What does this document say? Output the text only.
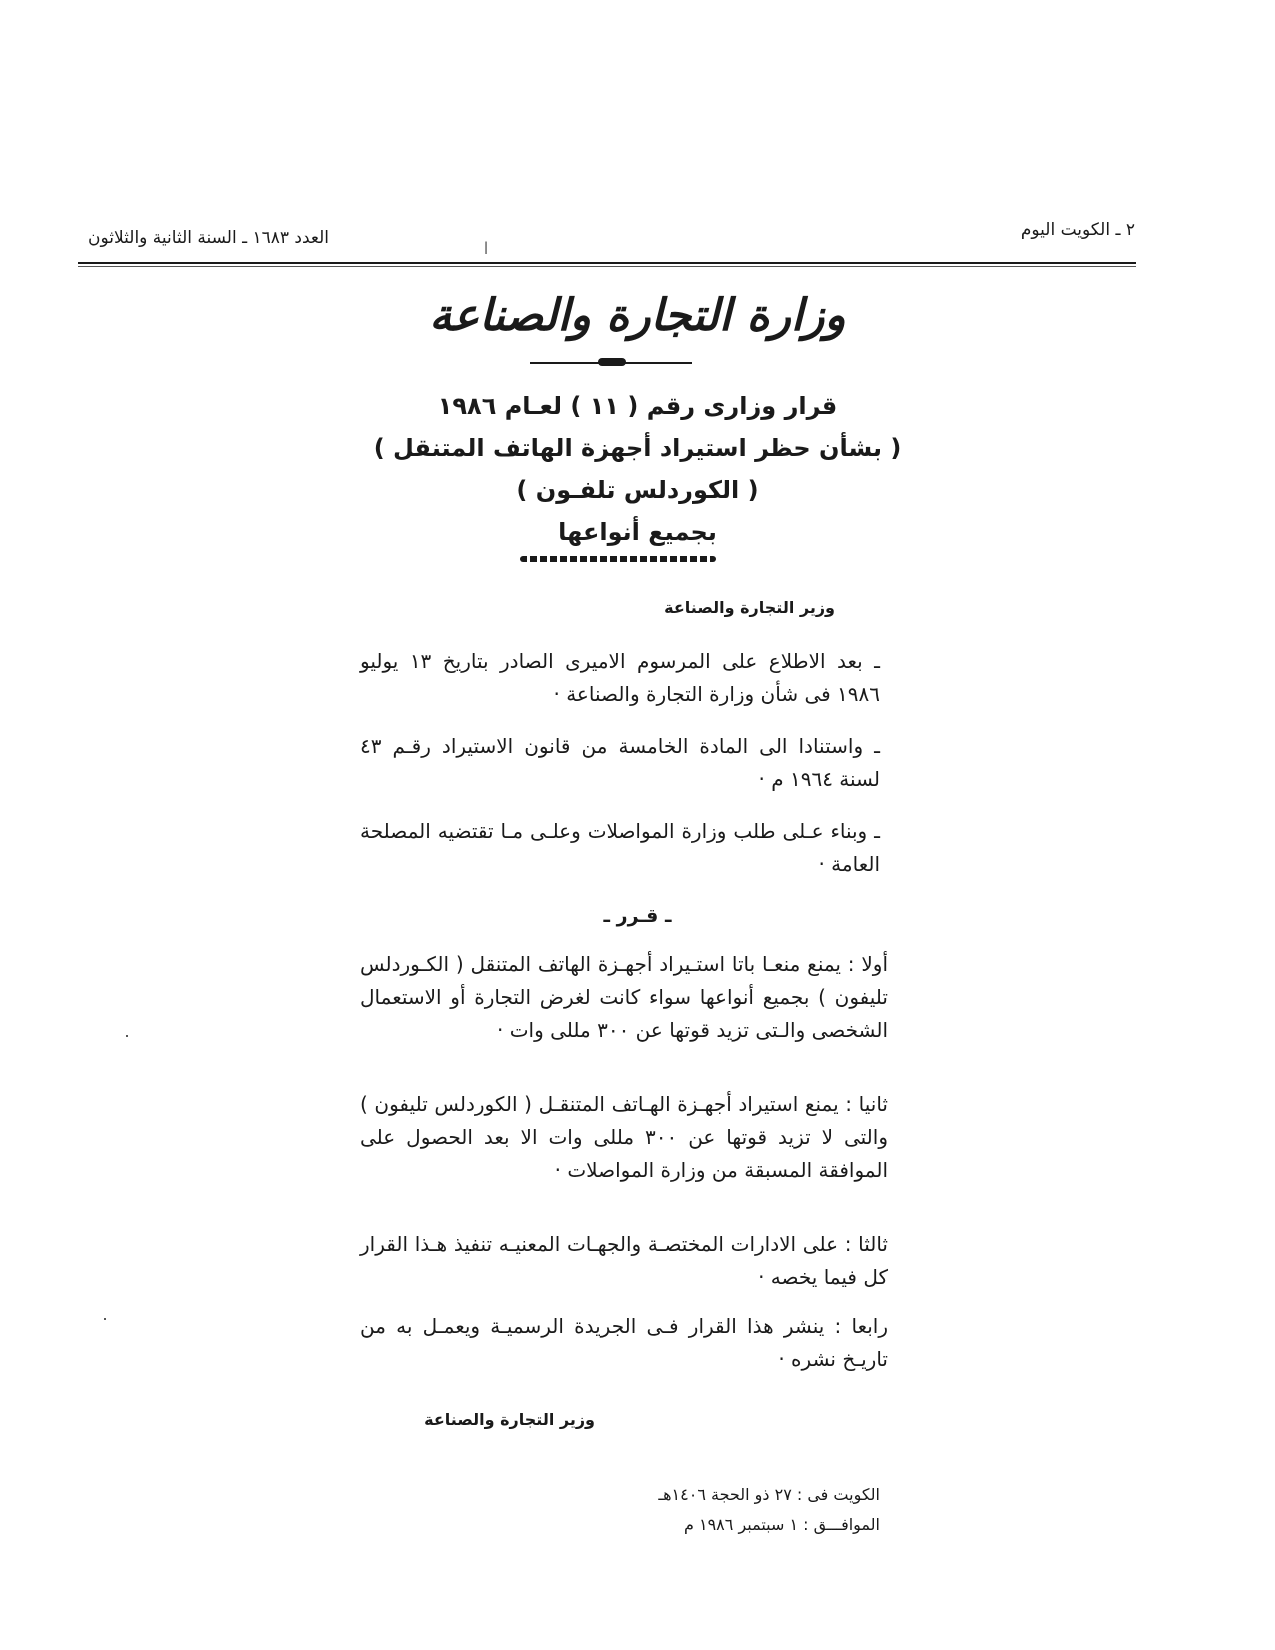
٢ ـ الكويت اليوم
العدد ١٦٨٣ ـ السنة الثانية والثلاثون	|
وزارة التجارة والصناعة
قرار وزارى رقم ( ١١ ) لعـام ١٩٨٦
( بشأن حظر استيراد أجهزة الهاتف المتنقل )
( الكوردلس تلفـون )
بجميع أنواعها
وزير التجارة والصناعة
ـ بعد الاطلاع على المرسوم الاميرى الصادر بتاريخ ١٣ يوليو ١٩٨٦ فى شأن وزارة التجارة والصناعة ·
ـ واستنادا الى المادة الخامسة من قانون الاستيراد رقـم ٤٣ لسنة ١٩٦٤ م ·
ـ وبناء عـلى طلب وزارة المواصلات وعلـى مـا تقتضيه المصلحة العامة ·
ـ قـرر ـ
أولا : يمنع منعـا باتا استـيراد أجهـزة الهاتف المتنقل ( الكـوردلس تليفون ) بجميع أنواعها سواء كانت لغرض التجارة أو الاستعمال الشخصى والـتى تزيد قوتها عن ٣٠٠ مللى وات ·
ثانيا : يمنع استيراد أجهـزة الهـاتف المتنقـل ( الكوردلس تليفون ) والتى لا تزيد قوتها عن ٣٠٠ مللى وات الا بعد الحصول على الموافقة المسبقة من وزارة المواصلات ·
ثالثا : على الادارات المختصـة والجهـات المعنيـه تنفيذ هـذا القرار كل فيما يخصه ·
رابعا : ينشر هذا القرار فـى الجريدة الرسميـة ويعمـل به من تاريـخ نشره ·
وزير التجارة والصناعة
الكويت فى : ٢٧ ذو الحجة ١٤٠٦هـ
الموافـــق : ١ سبتمبر ١٩٨٦ م
